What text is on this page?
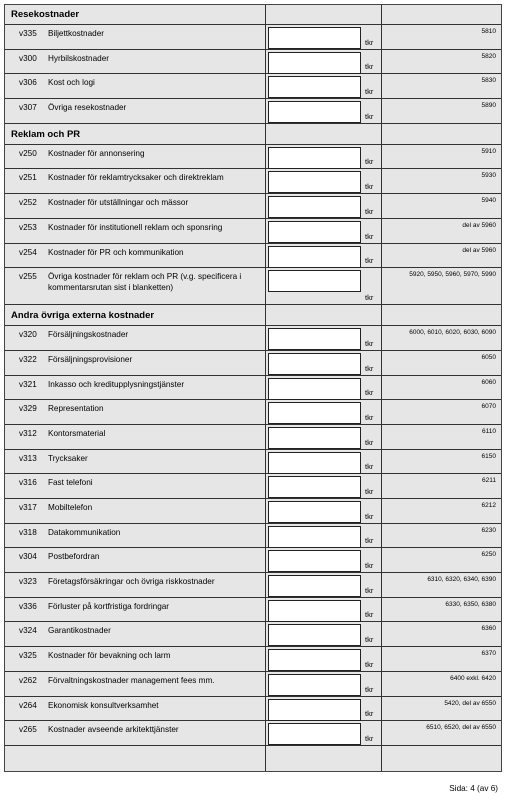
Resekostnader
v335 Biljettkostnader
tkr
5810
v300 Hyrbilskostnader
tkr
5820
v306 Kost och logi
tkr
5830
v307 Övriga resekostnader
tkr
5890
Reklam och PR
v250 Kostnader för annonsering
tkr
5910
v251 Kostnader för reklamtrycksaker och direktreklam
tkr
5930
v252 Kostnader för utställningar och mässor
tkr
5940
v253 Kostnader för institutionell reklam och sponsring
tkr
del av 5960
v254 Kostnader för PR och kommunikation
tkr
del av 5960
v255 Övriga kostnader för reklam och PR (v.g. specificera i kommentarsrutan sist i blanketten)
tkr
5920, 5950, 5960, 5970, 5990
Andra övriga externa kostnader
v320 Försäljningskostnader
tkr
6000, 6010, 6020, 6030, 6090
v322 Försäljningsprovisioner
tkr
6050
v321 Inkasso och kreditupplysningstjänster
tkr
6060
v329 Representation
tkr
6070
v312 Kontorsmaterial
tkr
6110
v313 Trycksaker
tkr
6150
v316 Fast telefoni
tkr
6211
v317 Mobiltelefon
tkr
6212
v318 Datakommunikation
tkr
6230
v304 Postbefordran
tkr
6250
v323 Företagsförsäkringar och övriga riskkostnader
tkr
6310, 6320, 6340, 6390
v336 Förluster på kortfristiga fordringar
tkr
6330, 6350, 6380
v324 Garantikostnader
tkr
6360
v325 Kostnader för bevakning och larm
tkr
6370
v262 Förvaltningskostnader management fees mm.
tkr
6400 exkl. 6420
v264 Ekonomisk konsultverksamhet
tkr
5420, del av 6550
v265 Kostnader avseende arkitekttjänster
tkr
6510, 6520, del av 6550
Sida: 4 (av 6)
